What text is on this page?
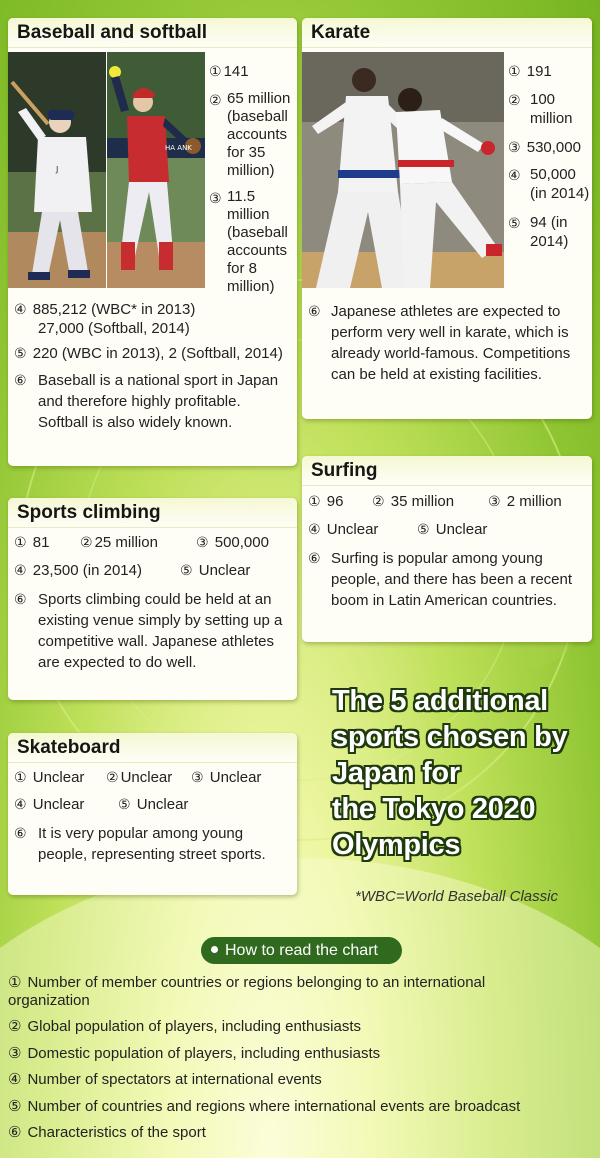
Baseball and softball
J
HA ANK
① 141
② 65 million (baseball accounts for 35 million)
③ 11.5 million (baseball accounts for 8 million)
④ 885,212 (WBC* in 2013)
27,000 (Softball, 2014)
⑤ 220 (WBC in 2013), 2 (Softball, 2014)
⑥ Baseball is a national sport in Japan and therefore highly profitable. Softball is also widely known.
Karate
① 191
② 100 million
③ 530,000
④ 50,000 (in 2014)
⑤ 94 (in 2014)
⑥ Japanese athletes are expected to perform very well in karate, which is already world-famous. Competitions can be held at existing facilities.
Surfing
① 96 ② 35 million ③ 2 million
④ Unclear	⑤ Unclear
⑥ Surfing is popular among young people, and there has been a recent boom in Latin American countries.
Sports climbing
① 81 ② 25 million	③ 500,000
④ 23,500 (in 2014)	⑤ Unclear
⑥ Sports climbing could be held at an existing venue simply by setting up a competitive wall. Japanese athletes are expected to do well.
Skateboard
① Unclear ② Unclear ③ Unclear
④ Unclear ⑤ Unclear
⑥ It is very popular among young people, representing street sports.
The 5 additional
sports chosen by
Japan for
the Tokyo 2020
Olympics
*WBC=World Baseball Classic
How to read the chart
① Number of member countries or regions belonging to an international organization
② Global population of players, including enthusiasts
③ Domestic population of players, including enthusiasts
④ Number of spectators at international events
⑤ Number of countries and regions where international events are broadcast
⑥ Characteristics of the sport
